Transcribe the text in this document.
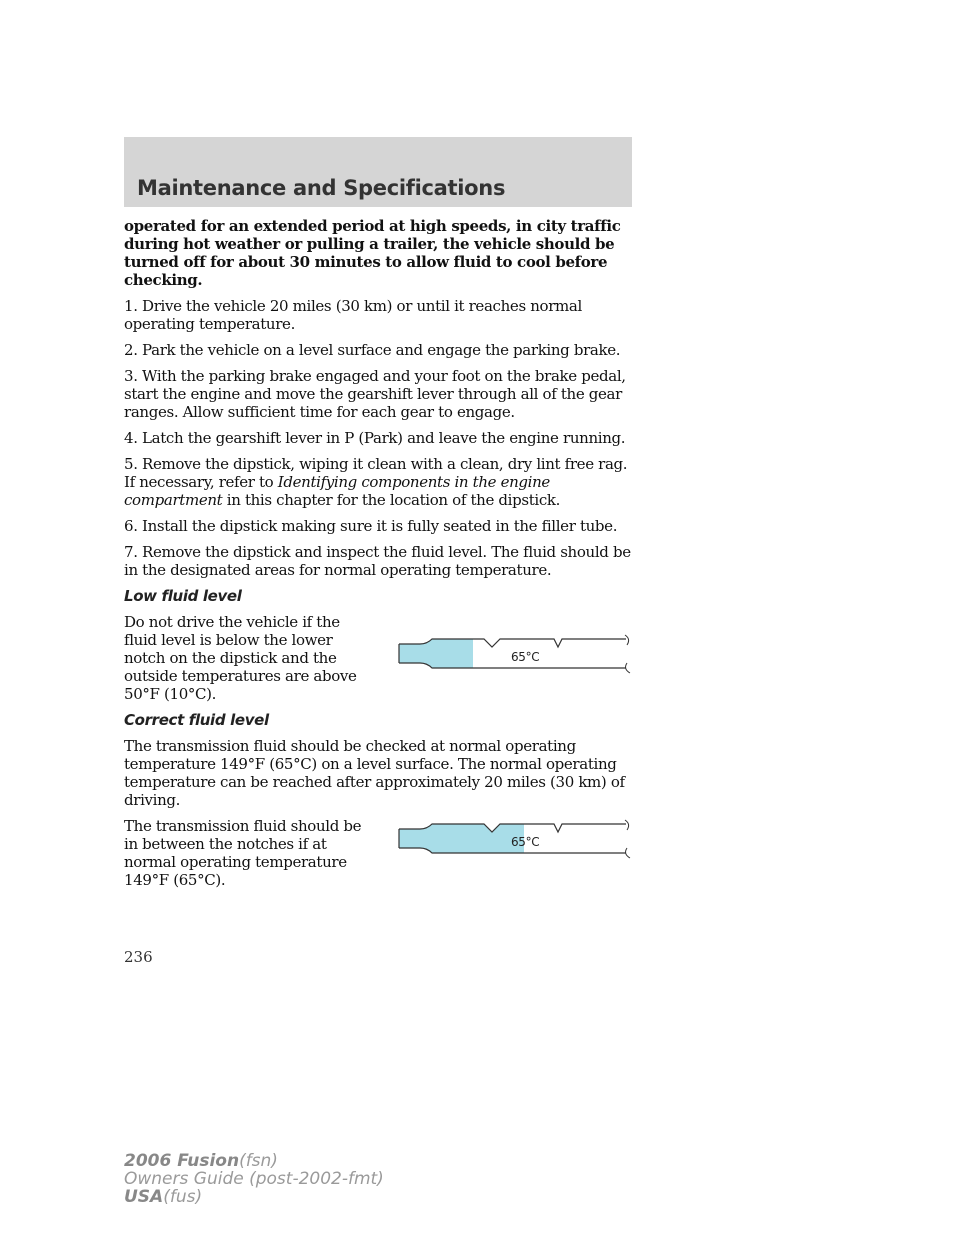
Maintenance and Specifications

operated for an extended period at high speeds, in city traffic during hot weather or pulling a trailer, the vehicle should be turned off for about 30 minutes to allow fluid to cool before checking.

1. Drive the vehicle 20 miles (30 km) or until it reaches normal operating temperature.

2. Park the vehicle on a level surface and engage the parking brake.

3. With the parking brake engaged and your foot on the brake pedal, start the engine and move the gearshift lever through all of the gear ranges. Allow sufficient time for each gear to engage.

4. Latch the gearshift lever in P (Park) and leave the engine running.

5. Remove the dipstick, wiping it clean with a clean, dry lint free rag. If necessary, refer to Identifying components in the engine compartment in this chapter for the location of the dipstick.

6. Install the dipstick making sure it is fully seated in the filler tube.

7. Remove the dipstick and inspect the fluid level. The fluid should be in the designated areas for normal operating temperature.

Low fluid level

Do not drive the vehicle if the fluid level is below the lower notch on the dipstick and the outside temperatures are above 50°F (10°C).

65°C
Correct fluid level

The transmission fluid should be checked at normal operating temperature 149°F (65°C) on a level surface. The normal operating temperature can be reached after approximately 20 miles (30 km) of driving.

The transmission fluid should be in between the notches if at normal operating temperature 149°F (65°C).

65°C
236
2006 Fusion(fsn)
Owners Guide (post-2002-fmt)
USA(fus)
